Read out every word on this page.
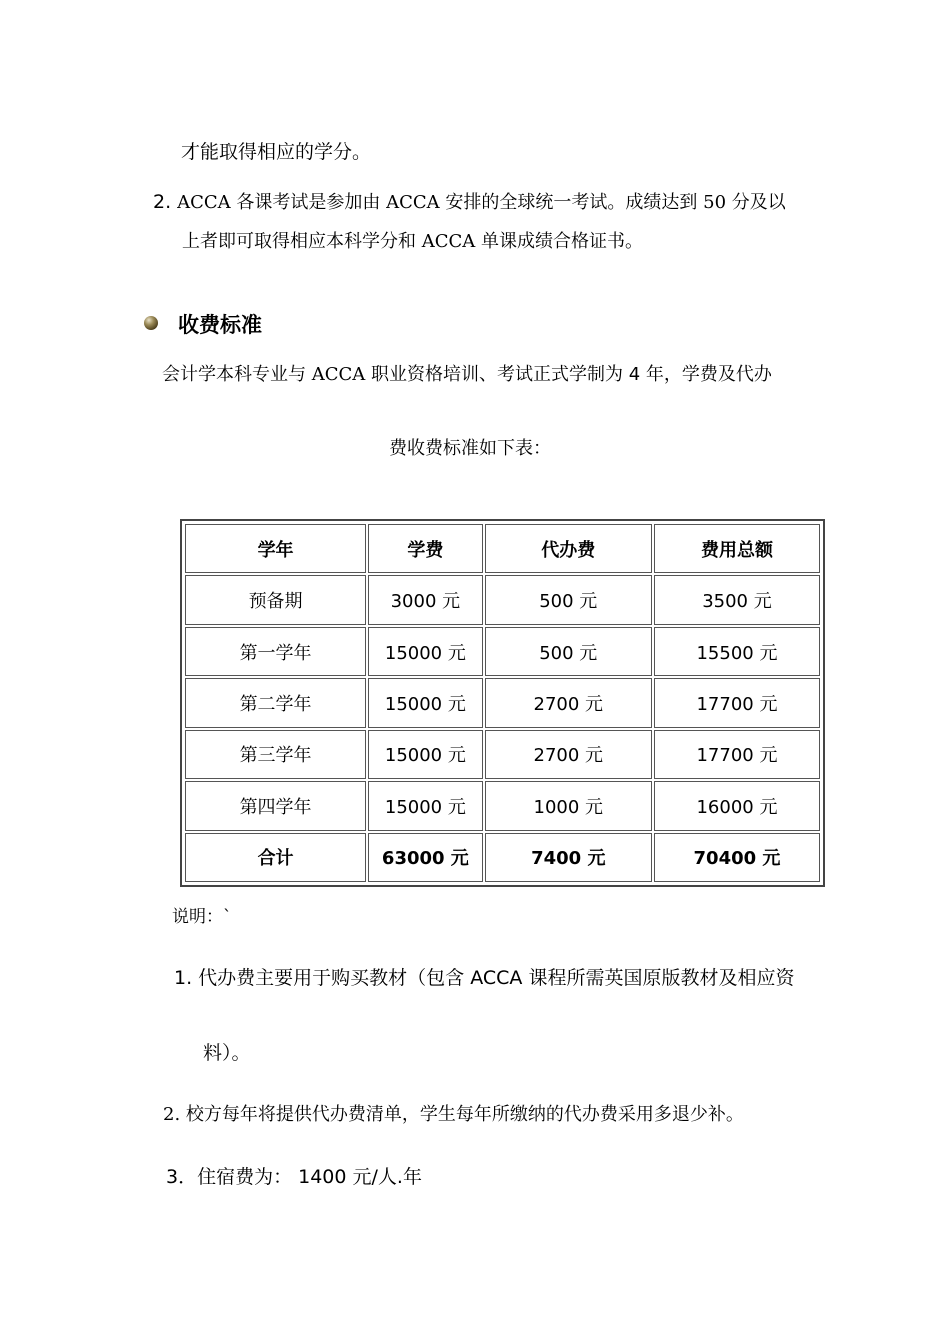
才能取得相应的学分。
2. ACCA 各课考试是参加由 ACCA 安排的全球统一考试。成绩达到 50 分及以
上者即可取得相应本科学分和 ACCA 单课成绩合格证书。
收费标准
会计学本科专业与 ACCA 职业资格培训、考试正式学制为 4 年，学费及代办
费收费标准如下表：
学年	学费	代办费	费用总额
预备期	3000 元	500 元	3500 元
第一学年	15000 元	500 元	15500 元
第二学年	15000 元	2700 元	17700 元
第三学年	15000 元	2700 元	17700 元
第四学年	15000 元	1000 元	16000 元
合计	63000 元	7400 元	70400 元
说明：`
1. 代办费主要用于购买教材（包含 ACCA 课程所需英国原版教材及相应资
料）。
2. 校方每年将提供代办费清单，学生每年所缴纳的代办费采用多退少补。
3．住宿费为： 1400 元/人.年
